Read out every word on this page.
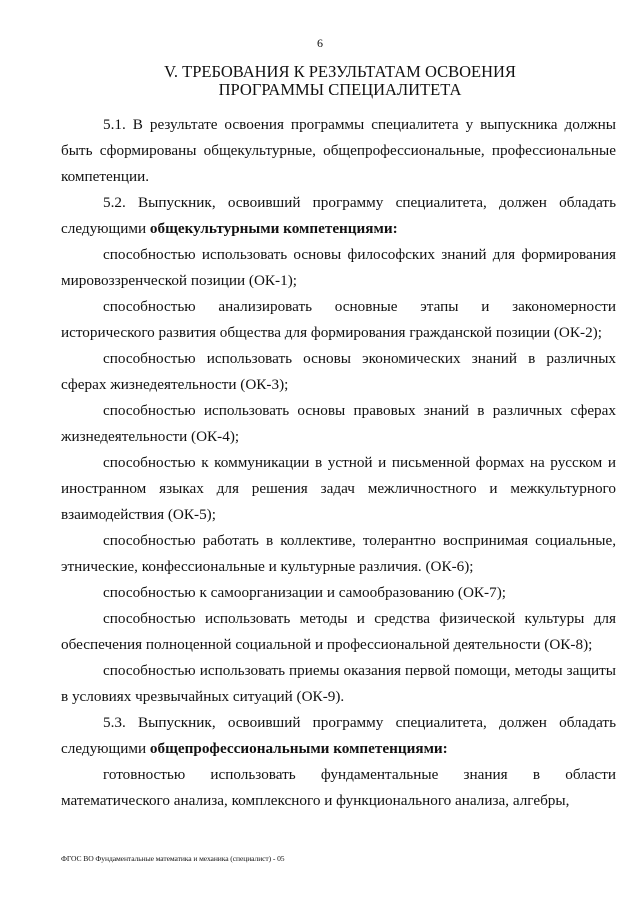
6
V. ТРЕБОВАНИЯ К РЕЗУЛЬТАТАМ ОСВОЕНИЯ
ПРОГРАММЫ СПЕЦИАЛИТЕТА

5.1. В результате освоения программы специалитета у выпускника должны быть сформированы общекультурные, общепрофессиональные, профессиональные компетенции.

5.2. Выпускник, освоивший программу специалитета, должен обладать следующими общекультурными компетенциями:

способностью использовать основы философских знаний для формирования мировоззренческой позиции (ОК-1);

способностью анализировать основные этапы и закономерности исторического развития общества для формирования гражданской позиции (ОК-2);

способностью использовать основы экономических знаний в различных сферах жизнедеятельности (ОК-3);

способностью использовать основы правовых знаний в различных сферах жизнедеятельности (ОК-4);

способностью к коммуникации в устной и письменной формах на русском и иностранном языках для решения задач межличностного и межкультурного взаимодействия (ОК-5);

способностью работать в коллективе, толерантно воспринимая социальные, этнические, конфессиональные и культурные различия. (ОК-6);

способностью к самоорганизации и самообразованию (ОК-7);

способностью использовать методы и средства физической культуры для обеспечения полноценной социальной и профессиональной деятельности (ОК-8);

способностью использовать приемы оказания первой помощи, методы защиты в условиях чрезвычайных ситуаций (ОК-9).

5.3. Выпускник, освоивший программу специалитета, должен обладать следующими общепрофессиональными компетенциями:

готовностью использовать фундаментальные знания в области математического анализа, комплексного и функционального анализа, алгебры,

ФГОС ВО Фундаментальные математика и механика (специалист) - 05
